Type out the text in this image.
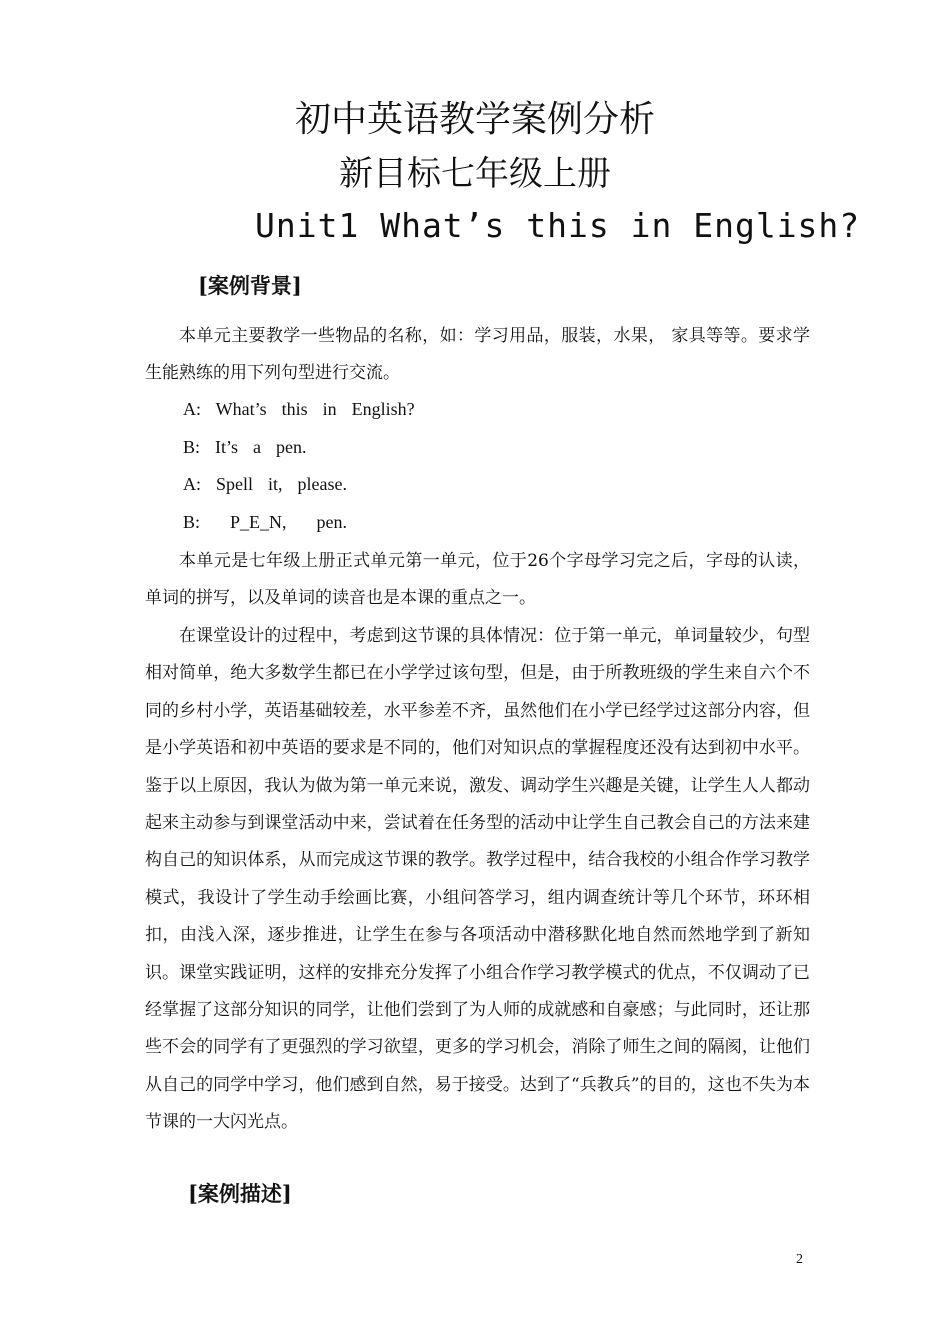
初中英语教学案例分析
新目标七年级上册
Unit1 What’s this in English?
[案例背景]

本单元主要教学一些物品的名称，如：学习用品，服装，水果， 家具等等。要求学生能熟练的用下列句型进行交流。

A:  What’s  this  in  English?
B:  It’s  a  pen.
A:  Spell  it,  please.
B:    P_E_N,    pen.

本单元是七年级上册正式单元第一单元，位于26个字母学习完之后，字母的认读，单词的拼写，以及单词的读音也是本课的重点之一。

在课堂设计的过程中，考虑到这节课的具体情况：位于第一单元，单词量较少，句型相对简单，绝大多数学生都已在小学学过该句型，但是，由于所教班级的学生来自六个不同的乡村小学，英语基础较差，水平参差不齐，虽然他们在小学已经学过这部分内容，但是小学英语和初中英语的要求是不同的，他们对知识点的掌握程度还没有达到初中水平。鉴于以上原因，我认为做为第一单元来说，激发、调动学生兴趣是关键，让学生人人都动起来主动参与到课堂活动中来，尝试着在任务型的活动中让学生自己教会自己的方法来建构自己的知识体系，从而完成这节课的教学。教学过程中，结合我校的小组合作学习教学模式，我设计了学生动手绘画比赛，小组问答学习，组内调查统计等几个环节，环环相扣，由浅入深，逐步推进，让学生在参与各项活动中潜移默化地自然而然地学到了新知识。课堂实践证明，这样的安排充分发挥了小组合作学习教学模式的优点，不仅调动了已经掌握了这部分知识的同学，让他们尝到了为人师的成就感和自豪感；与此同时，还让那些不会的同学有了更强烈的学习欲望，更多的学习机会，消除了师生之间的隔阂，让他们从自己的同学中学习，他们感到自然，易于接受。达到了“兵教兵”的目的，这也不失为本节课的一大闪光点。

[案例描述]
2
